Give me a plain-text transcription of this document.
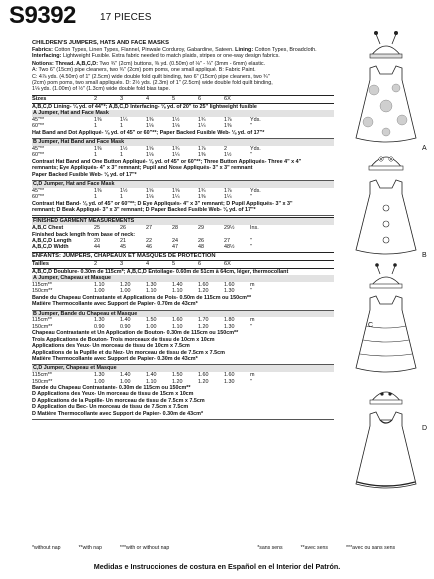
S9392 17 PIECES
CHILDREN'S JUMPERS, HATS AND FACE MASKS
Fabrics: Cotton Types, Linen Types, Flannel, Pinwale Corduroy, Gabardine, Sateen. Lining: Cotton Types, Broadcloth. Interfacing: Lightweight Fusible. Extra fabric needed to match plaids, stripes or one-way design fabrics.
Notions: Thread. A,B,C,D: Two ¾" (2cm) buttons, ⅜ yd. (0.50m) of ⅛" - ¼" (3mm - 6mm) elastic.
A: Two 6" (15cm) pipe cleaners, two ¾" (2cm) pom poms, one small appliqué. B: Fabric Paint.
C: 4⅞ yds. (4.50m) of 1" (2.5cm) wide double fold quilt binding, two 6" (15cm) pipe cleaners, two ¾"
(2cm) pom poms, two small appliqués. D: 2½ yds. (2.3m) of 1" (2.5cm) wide double fold quilt binding,
1⅛ yds. (1.00m) of ½" (1.3cm) wide double fold bias tape.
Sizes	2	3	4	5	6	6X
A,B,C,D Lining- ¼ yd. of 44"*; A,B,C,D Interfacing- ⅛ yd. of 20" to 25" lightweight fusible
A Jumper, Hat and Face Mask
45"**	1⅜	1¼	1⅜	1½	1¾	1⅞	Yds.
60"**	1	1	1⅛	1⅛	1¼	1⅜	"
Hat Band and Dot Appliqué- ⅛ yd. of 45" or 60"**; Paper Backed Fusible Web- ⅛ yd. of 17"*
B Jumper, Hat Band and Face Mask
45"**	1⅜	1½	1⅝	1¾	1⅞	2	Yds.
60"**	1	1	1⅛	1¼	1⅜	1½	"
Contrast Hat Band and One Button Appliqué- ⅛ yd. of 45" or 60"**; Three Button Appliqués- Three 4" x 4"
remnants; Eye Appliqués- 4" x 3" remnant; Pupil and Nose Appliqués- 3" x 3" remnant
Paper Backed Fusible Web- ⅛ yd. of 17"*
C,D Jumper, Hat and Face Mask
45"**	1⅜	1½	1⅝	1⅝	1¾	1⅞	Yds.
60"**	1	1	1⅛	1¼	1⅜	1¼	"
Contrast Hat Band- ⅛ yd. of 45" or 60"**; D Eye Appliqués- 4" x 3" remnant; D Pupil Appliqués- 3" x 3"
remnant; D Beak Appliqué- 3" x 3" remnant; D Paper Backed Fusible Web- ⅛ yd. of 17"*
FINISHED GARMENT MEASUREMENTS
A,B,C Chest	25	26	27	28	29	29½	Ins.
Finished back length from base of neck:
A,B,C,D Length	20	21	22	24	26	27	"
A,B,C,D Width	44	45	46	47	48	48½	"
ENFANTS: JUMPERS, CHAPEAUX ET MASQUES DE PROTECTION
Tailles	2	3	4	5	6	6X
A,B,C,D Doublure- 0.30m de 115cm*; A,B,C,D Entoilage- 0.60m de 51cm à 64cm, léger, thermocollant
A Jumper, Chapeau et Masque
115cm**	1.10	1.20	1.30	1.40	1.60	1.60	m
150cm**	1.00	1.00	1.10	1.10	1.20	1.30	"
Bande du Chapeau Contrastante et Applications de Pois- 0.50m de 115cm ou 150cm**
Matière Thermocollante avec Support de Papier- 0.70m de 43cm*
B Jumper, Bande du Chapeau et Masque
115cm**	1.30	1.40	1.50	1.60	1.70	1.80	m
150cm**	0.90	0.90	1.00	1.10	1.20	1.30	"
Chapeau Contrastante et Un Application de Bouton- 0.30m de 115cm ou 150cm**
Trois Applications de Bouton- Trois morceaux de tissu de 10cm x 10cm
Applications des Yeux- Un morceau de tissu de 10cm x 7.5cm
Applications de la Pupille et du Nez- Un morceau de tissu de 7.5cm x 7.5cm
Matière Thermocollante avec Support de Papier- 0.30m de 43cm*
C,D Jumper, Chapeau et Masque
115cm**	1.30	1.40	1.40	1.50	1.60	1.60	m
150cm**	1.00	1.00	1.10	1.20	1.20	1.30	"
Bande du Chapeau Contrastante- 0.30m de 115cm ou 150cm**
D Applications des Yeux- Un morceau de tissu de 15cm x 10cm
D Applications de la Pupille- Un morceau de tissu de 7.5cm x 7.5cm
D Application du Bec- Un morceau de tissu de 7.5cm x 7.5cm
D Matière Thermocollante avec Support de Papier- 0.30m de 43cm*
A
B
C
D
*without nap	**with nap	***with or without nap	*sans sens	**avec sens	***avec ou sans sens
Medidas e Instrucciones de costura en Español en el Interior del Patrón.
